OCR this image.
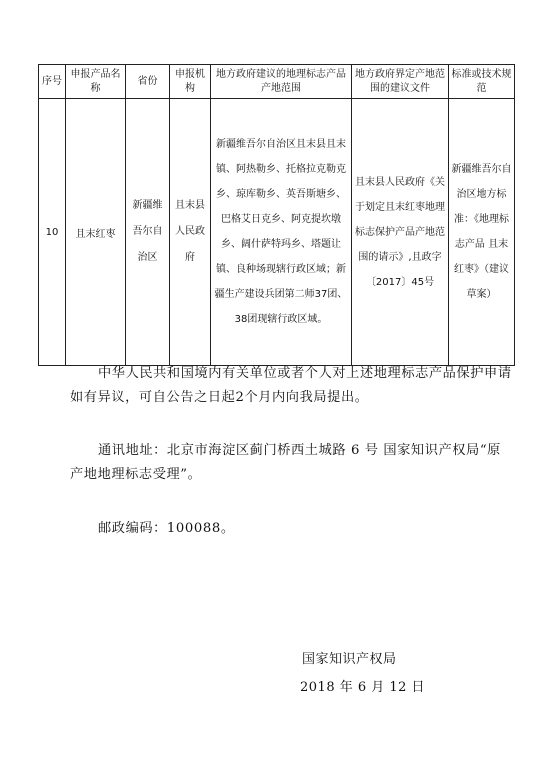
序号	申报产品名称	省份	申报机构	地方政府建议的地理标志产品产地范围	地方政府界定产地范围的建议文件	标准或技术规范
10	且末红枣	新疆维吾尔自治区	且末县人民政府	新疆维吾尔自治区且末县且末镇、阿热勒乡、托格拉克勒克乡、琼库勒乡、英吾斯塘乡、巴格艾日克乡、阿克提坎墩乡、阔什萨特玛乡、塔题让镇、良种场现辖行政区域；新疆生产建设兵团第二师37团、38团现辖行政区域。	且末县人民政府《关于划定且末红枣地理标志保护产品产地范围的请示》,且政字〔2017〕45号	新疆维吾尔自治区地方标准：《地理标志产品 且末红枣》（建议草案）

中华人民共和国境内有关单位或者个人对上述地理标志产品保护申请如有异议，可自公告之日起2个月内向我局提出。

通讯地址：北京市海淀区蓟门桥西土城路 6 号 国家知识产权局“原产地地理标志受理”。

邮政编码：100088。

国家知识产权局

2018 年 6 月 12 日
